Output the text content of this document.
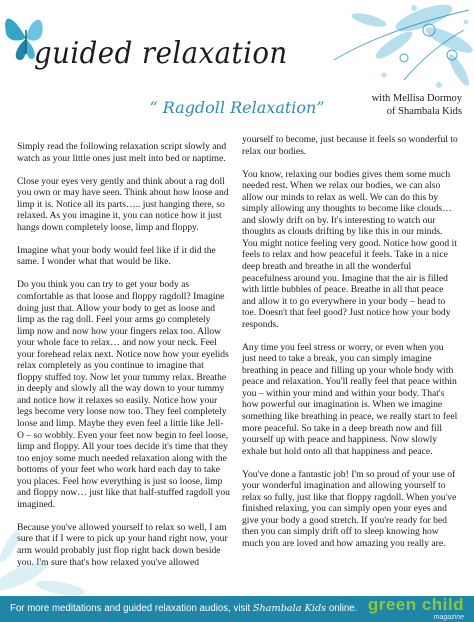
guided relaxation
“ Ragdoll Relaxation”	with Mellisa Dormoy
of Shambala Kids

Simply read the following relaxation script slowly and watch as your little ones just melt into bed or naptime.

Close your eyes very gently and think about a rag doll you own or may have seen. Think about how loose and limp it is. Notice all its parts….. just hanging there, so relaxed. As you imagine it, you can notice how it just hangs down completely loose, limp and floppy.

Imagine what your body would feel like if it did the same. I wonder what that would be like.

Do you think you can try to get your body as comfortable as that loose and floppy ragdoll? Imagine doing just that. Allow your body to get as loose and limp as the rag doll. Feel your arms go completely limp now and now how your fingers relax too. Allow your whole face to relax… and now your neck. Feel your forehead relax next. Notice now how your eyelids relax completely as you continue to imagine that floppy stuffed toy. Now let your tummy relax. Breathe in deeply and slowly all the way down to your tummy and notice how it relaxes so easily. Notice how your legs become very loose now too. They feel completely loose and limp. Maybe they even feel a little like Jell-O – so wobbly. Even your feet now begin to feel loose, limp and floppy. All your toes decide it's time that they too enjoy some much needed relaxation along with the bottoms of your feet who work hard each day to take you places. Feel how everything is just so loose, limp and floppy now… just like that half-stuffed ragdoll you imagined.

Because you've allowed yourself to relax so well, I am sure that if I were to pick up your hand right now, your arm would probably just flop right back down beside you. I'm sure that's how relaxed you've allowed

yourself to become, just because it feels so wonderful to relax our bodies.

You know, relaxing our bodies gives them some much needed rest. When we relax our bodies, we can also allow our minds to relax as well. We can do this by simply allowing any thoughts to become like clouds… and slowly drift on by. It's interesting to watch our thoughts as clouds drifting by like this in our minds. You might notice feeling very good. Notice how good it feels to relax and how peaceful it feels. Take in a nice deep breath and breathe in all the wonderful peacefulness around you. Imagine that the air is filled with little bubbles of peace. Breathe in all that peace and allow it to go everywhere in your body – head to toe. Doesn't that feel good? Just notice how your body responds.

Any time you feel stress or worry, or even when you just need to take a break, you can simply imagine breathing in peace and filling up your whole body with peace and relaxation. You'll really feel that peace within you – within your mind and within your body. That's how powerful our imagination is. When we imagine something like breathing in peace, we really start to feel more peaceful. So take in a deep breath now and fill yourself up with peace and happiness. Now slowly exhale but hold onto all that happiness and peace.

You've done a fantastic job! I'm so proud of your use of your wonderful imagination and allowing yourself to relax so fully, just like that floppy ragdoll. When you've finished relaxing, you can simply open your eyes and give your body a good stretch. If you're ready for bed then you can simply drift off to sleep knowing how much you are loved and how amazing you really are.

For more meditations and guided relaxation audios, visit Shambala Kids online. green child
magazine
